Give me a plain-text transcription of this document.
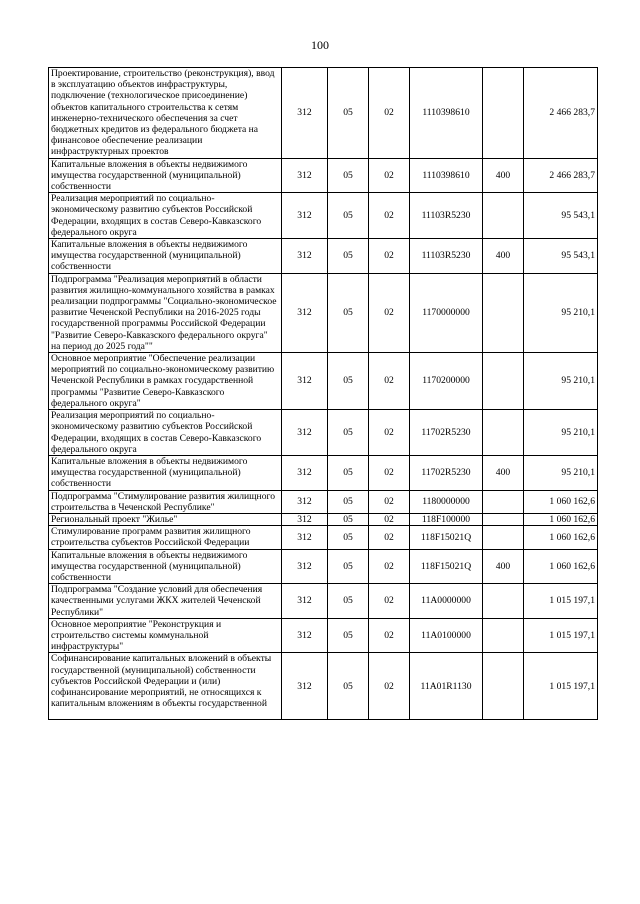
100
Проектирование, строительство (реконструкция), ввод в эксплуатацию объектов инфраструктуры, подключение (технологическое присоединение) объектов капитального строительства к сетям инженерно-технического обеспечения за счет бюджетных кредитов из федерального бюджета на финансовое обеспечение реализации инфраструктурных проектов	312	05	02	1110398610		2 466 283,7
Капитальные вложения в объекты недвижимого имущества государственной (муниципальной) собственности	312	05	02	1110398610	400	2 466 283,7
Реализация мероприятий по социально-экономическому развитию субъектов Российской Федерации, входящих в состав Северо-Кавказского федерального округа	312	05	02	11103R5230		95 543,1
Капитальные вложения в объекты недвижимого имущества государственной (муниципальной) собственности	312	05	02	11103R5230	400	95 543,1
Подпрограмма "Реализация мероприятий в области развития жилищно-коммунального хозяйства в рамках реализации подпрограммы "Социально-экономическое развитие Чеченской Республики на 2016-2025 годы государственной программы Российской Федерации "Развитие Северо-Кавказского федерального округа" на период до 2025 года""	312	05	02	1170000000		95 210,1
Основное мероприятие "Обеспечение реализации мероприятий по социально-экономическому развитию Чеченской Республики в рамках государственной программы "Развитие Северо-Кавказского федерального округа"	312	05	02	1170200000		95 210,1
Реализация мероприятий по социально-экономическому развитию субъектов Российской Федерации, входящих в состав Северо-Кавказского федерального округа	312	05	02	11702R5230		95 210,1
Капитальные вложения в объекты недвижимого имущества государственной (муниципальной) собственности	312	05	02	11702R5230	400	95 210,1
Подпрограмма "Стимулирование развития жилищного строительства в Чеченской Республике"	312	05	02	1180000000		1 060 162,6
Региональный проект "Жилье"	312	05	02	118F100000		1 060 162,6
Стимулирование программ развития жилищного строительства субъектов Российской Федерации	312	05	02	118F15021Q		1 060 162,6
Капитальные вложения в объекты недвижимого имущества государственной (муниципальной) собственности	312	05	02	118F15021Q	400	1 060 162,6
Подпрограмма "Создание условий для обеспечения качественными услугами ЖКХ жителей Чеченской Республики"	312	05	02	11А0000000		1 015 197,1
Основное мероприятие "Реконструкция и строительство системы коммунальной инфраструктуры"	312	05	02	11А0100000		1 015 197,1

Софинансирование капитальных вложений в объекты государственной (муниципальной) собственности субъектов Российской Федерации и (или) софинансирование мероприятий, не относящихся к капитальным вложениям в объекты государственной	312	05	02	11А01R1130		1 015 197,1
